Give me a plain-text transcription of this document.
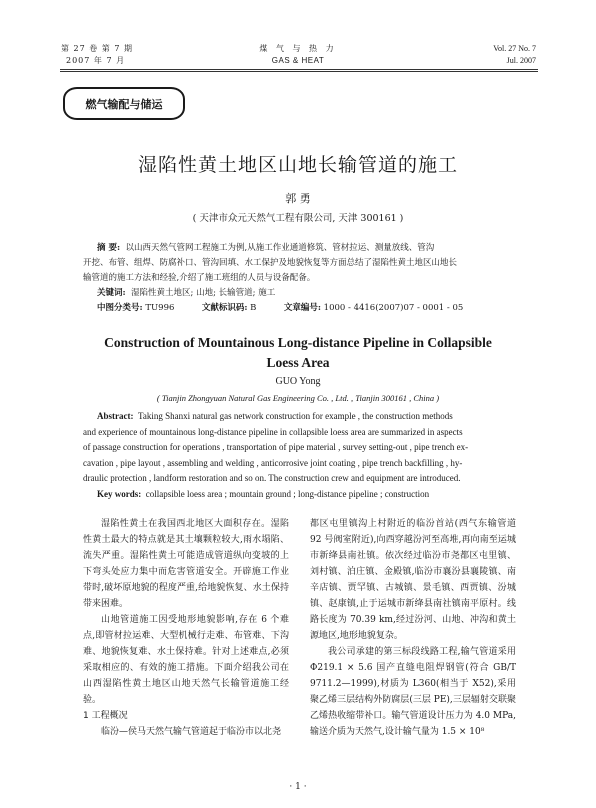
第 27 卷 第 7 期
2007 年 7 月
煤 气 与 热 力
GAS & HEAT
Vol. 27 No. 7
Jul. 2007
燃气输配与储运
湿陷性黄土地区山地长输管道的施工
郭 勇
( 天津市众元天然气工程有限公司, 天津 300161 )
摘 要: 以山西天然气管网工程施工为例,从施工作业通道修筑、管材拉运、测量放线、管沟
开挖、布管、组焊、防腐补口、管沟回填、水工保护及地貌恢复等方面总结了湿陷性黄土地区山地长
输管道的施工方法和经验,介绍了施工班组的人员与设备配备。
关键词: 湿陷性黄土地区; 山地; 长输管道; 施工
中图分类号: TU996	文献标识码: B	文章编号: 1000 - 4416(2007)07 - 0001 - 05
Construction of Mountainous Long-distance Pipeline in Collapsible
Loess Area
GUO Yong
( Tianjin Zhongyuan Natural Gas Engineering Co. , Ltd. , Tianjin 300161 , China )
Abstract: Taking Shanxi natural gas network construction for example , the construction methods
and experience of mountainous long-distance pipeline in collapsible loess area are summarized in aspects
of passage construction for operations , transportation of pipe material , survey setting-out , pipe trench ex-
cavation , pipe layout , assembling and welding , anticorrosive joint coating , pipe trench backfilling , hy-
draulic protection , landform restoration and so on. The construction crew and equipment are introduced.
Key words: collapsible loess area ; mountain ground ; long-distance pipeline ; construction

湿陷性黄土在我国西北地区大面积存在。湿陷性黄土最大的特点就是其土壤颗粒较大,雨水塌陷、流失严重。湿陷性黄土可能造成管道纵向变坡的上下弯头处应力集中而危害管道安全。开辟施工作业带时,破坏原地貌的程度严重,给地貌恢复、水土保持带来困难。

山地管道施工因受地形地貌影响,存在 6 个难点,即管材拉运难、大型机械行走难、布管难、下沟难、地貌恢复难、水土保持难。针对上述难点,必须采取相应的、有效的施工措施。下面介绍我公司在山西湿陷性黄土地区山地天然气长输管道施工经验。

1 工程概况

临汾—侯马天然气输气管道起于临汾市以北尧

都区屯里镇沟上村附近的临汾首站(西气东输管道 92 号阀室附近),向西穿越汾河至高堆,再向南至运城市新绛县南社镇。依次经过临汾市尧都区屯里镇、刘村镇、泊庄镇、金殿镇,临汾市襄汾县襄陵镇、南辛店镇、贾罕镇、古城镇、景毛镇、西贾镇、汾城镇、赵康镇,止于运城市新绛县南社镇南平原村。线路长度为 70.39 km,经过汾河、山地、冲沟和黄土源地区,地形地貌复杂。

我公司承建的第三标段线路工程,输气管道采用 Φ219.1 × 5.6 国产直缝电阻焊钢管(符合 GB/T 9711.2—1999),材质为 L360(相当于 X52),采用聚乙烯三层结构外防腐层(三层 PE),三层辐射交联聚乙烯热收缩带补口。输气管道设计压力为 4.0 MPa,输送介质为天然气,设计输气量为 1.5 × 10⁸

· 1 ·
